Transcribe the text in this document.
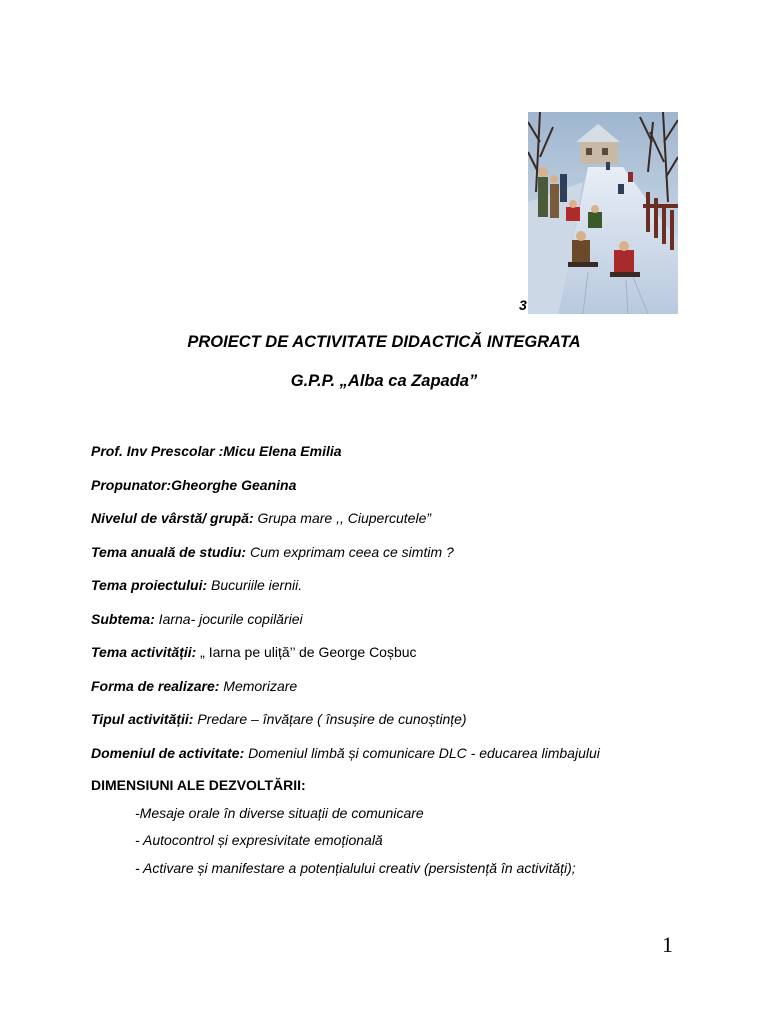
3
PROIECT DE ACTIVITATE DIDACTICĂ INTEGRATA
G.P.P. „Alba ca Zapada”
Prof. Inv Prescolar :Micu Elena Emilia
Propunator:Gheorghe Geanina
Nivelul de vârstă/ grupă: Grupa mare ,, Ciupercutele”
Tema anuală de studiu: Cum exprimam ceea ce simtim ?
Tema proiectului: Bucuriile iernii.
Subtema: Iarna- jocurile copilăriei
Tema activității: „ Iarna pe uliță’’ de George Coșbuc
Forma de realizare: Memorizare
Tipul activității: Predare – învățare ( însușire de cunoștințe)
Domeniul de activitate: Domeniul limbă și comunicare DLC - educarea limbajului
DIMENSIUNI ALE DEZVOLTĂRII:
-Mesaje orale în diverse situații de comunicare
- Autocontrol și expresivitate emoțională
- Activare și manifestare a potențialului creativ (persistență în activități);
1
